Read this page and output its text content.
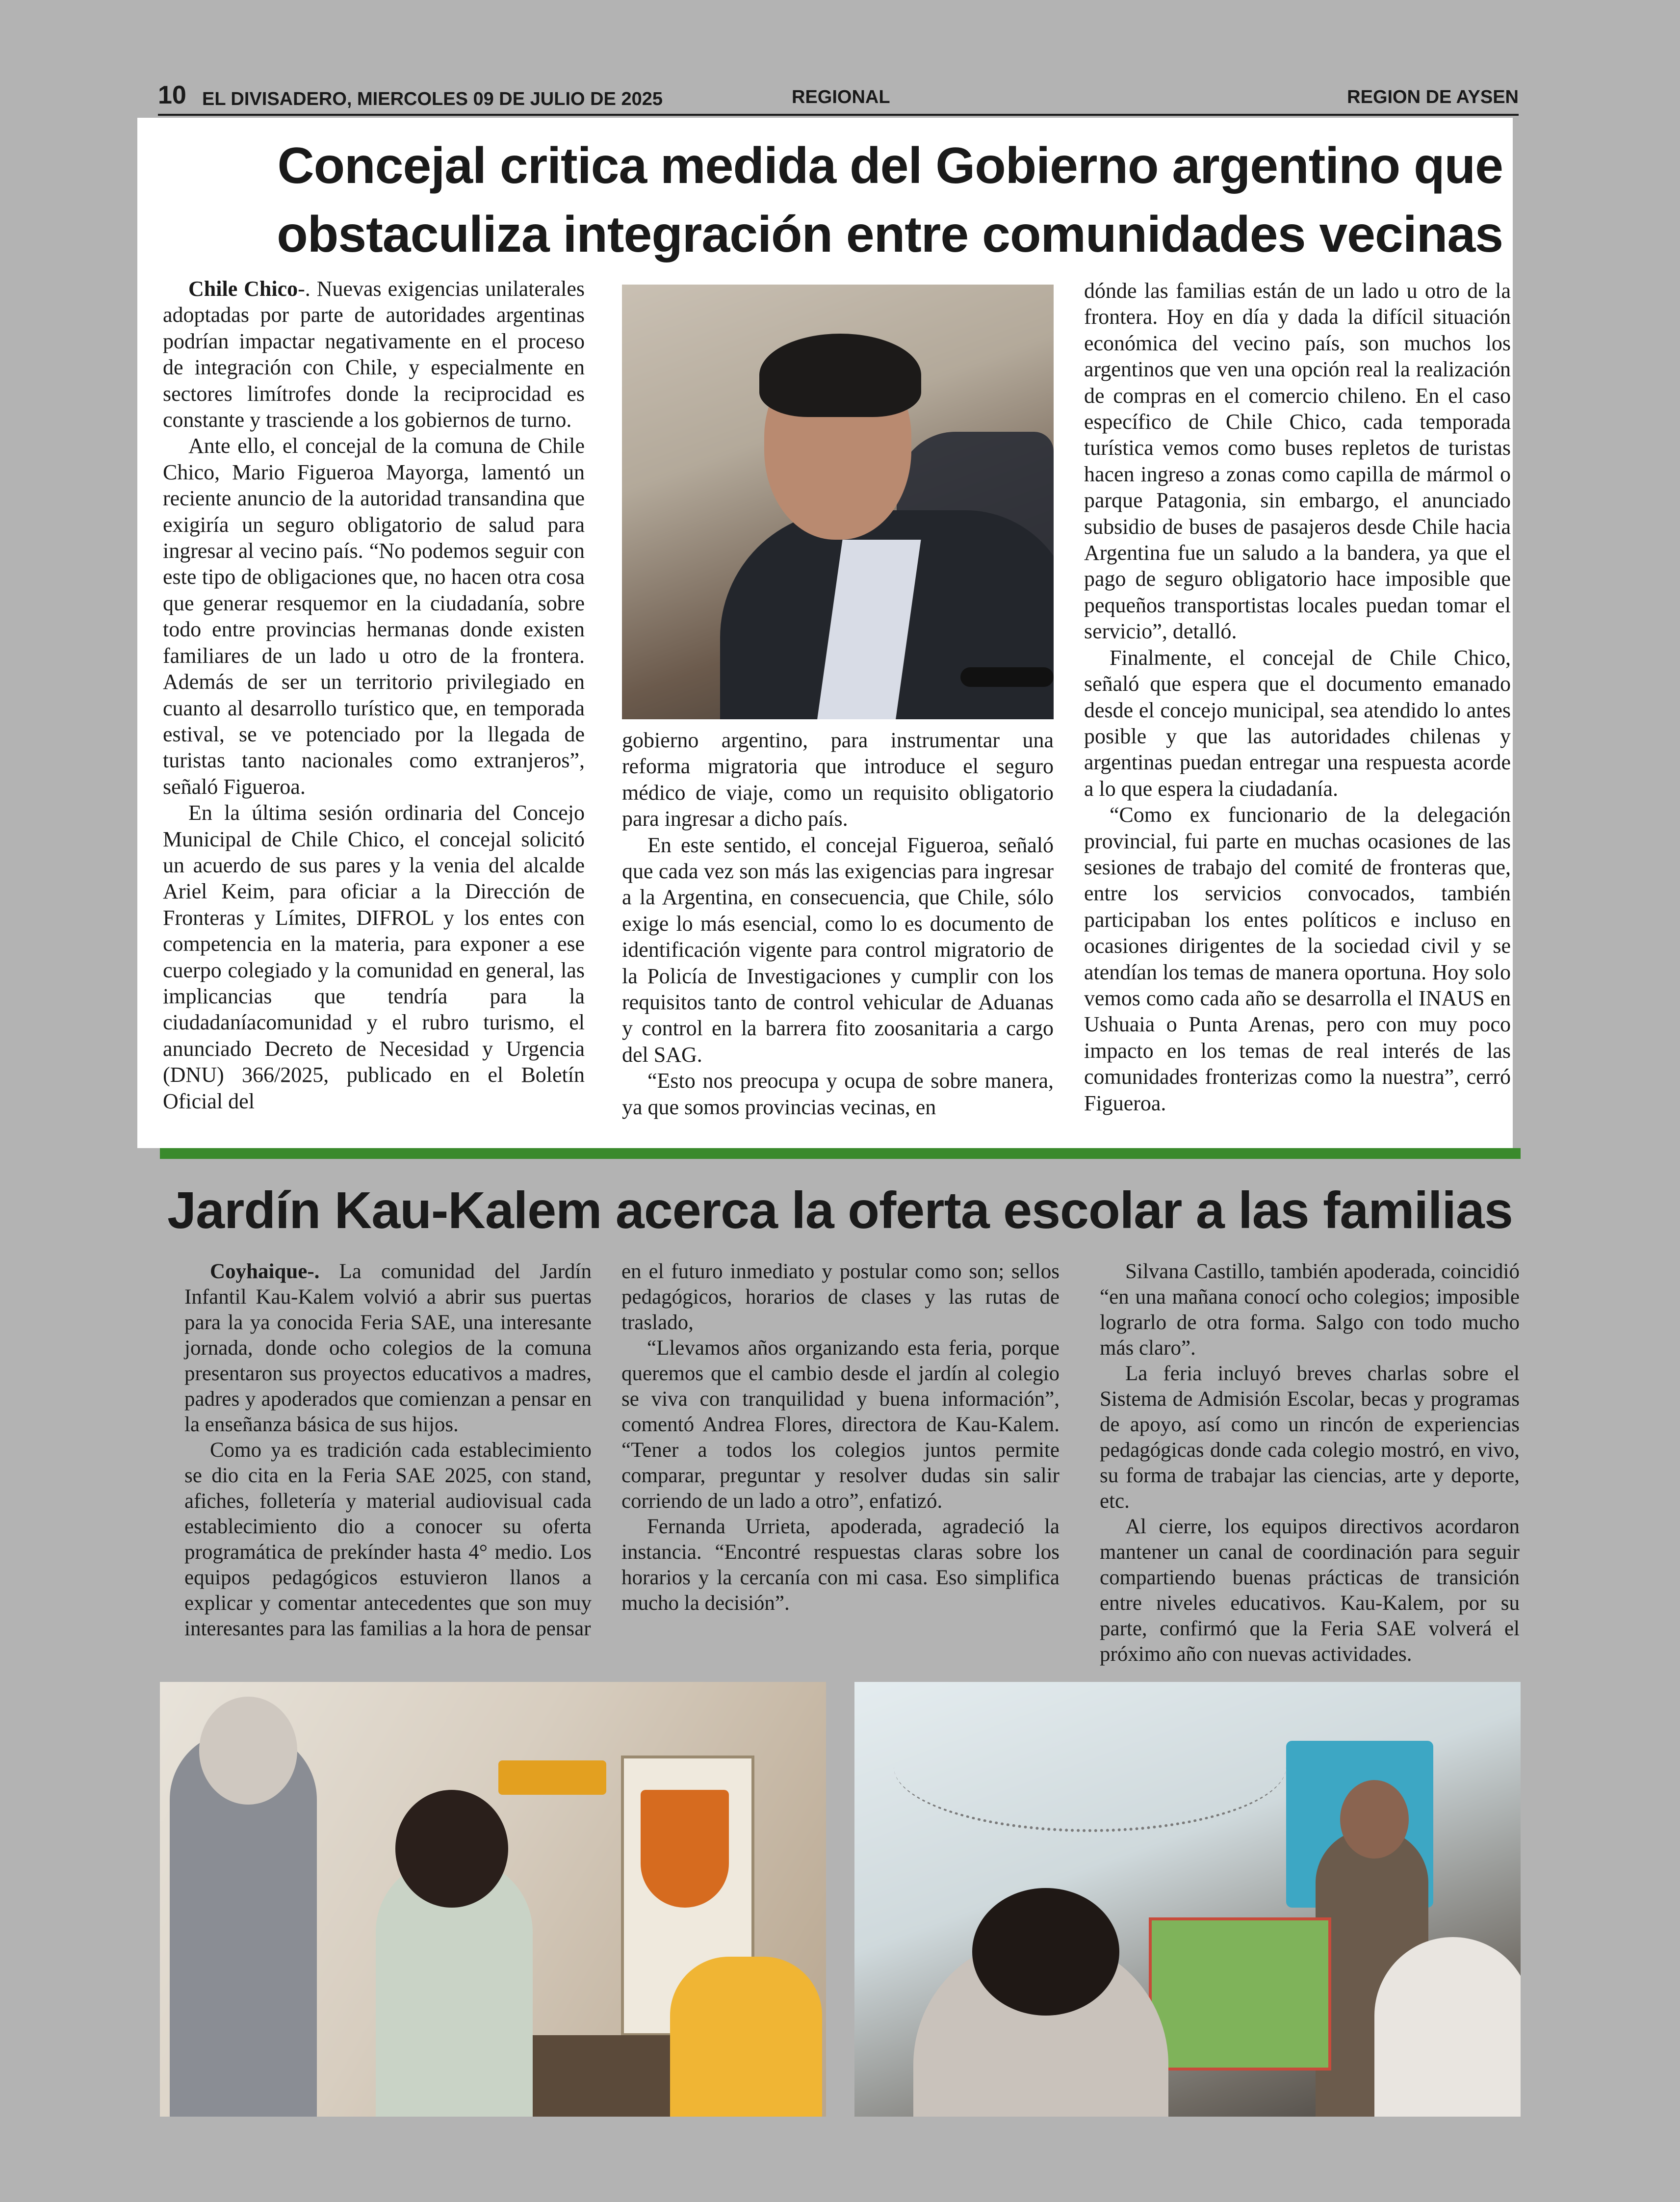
10 EL DIVISADERO, MIERCOLES 09 DE JULIO DE 2025	REGIONAL	REGION DE AYSEN
Concejal critica medida del Gobierno argentino que
obstaculiza integración entre comunidades vecinas

Chile Chico-. Nuevas exigencias unilaterales adoptadas por parte de autoridades argentinas podrían impactar negativamente en el proceso de integración con Chile, y especialmente en sectores limítrofes donde la reciprocidad es constante y trasciende a los gobiernos de turno.

Ante ello, el concejal de la comuna de Chile Chico, Mario Figueroa Mayorga, lamentó un reciente anuncio de la autoridad transandina que exigiría un seguro obligatorio de salud para ingresar al vecino país. “No podemos seguir con este tipo de obligaciones que, no hacen otra cosa que generar resquemor en la ciudadanía, sobre todo entre provincias hermanas donde existen familiares de un lado u otro de la frontera. Además de ser un territorio privilegiado en cuanto al desarrollo turístico que, en temporada estival, se ve potenciado por la llegada de turistas tanto nacionales como extranjeros”, señaló Figueroa.

En la última sesión ordinaria del Concejo Municipal de Chile Chico, el concejal solicitó un acuerdo de sus pares y la venia del alcalde Ariel Keim, para oficiar a la Dirección de Fronteras y Límites, DIFROL y los entes con competencia en la materia, para exponer a ese cuerpo colegiado y la comunidad en general, las implicancias que tendría para la ciudadaníacomunidad y el rubro turismo, el anunciado Decreto de Necesidad y Urgencia (DNU) 366/2025, publicado en el Boletín Oficial del

gobierno argentino, para instrumentar una reforma migratoria que introduce el seguro médico de viaje, como un requisito obligatorio para ingresar a dicho país.

En este sentido, el concejal Figueroa, señaló que cada vez son más las exigencias para ingresar a la Argentina, en consecuencia, que Chile, sólo exige lo más esencial, como lo es documento de identificación vigente para control migratorio de la Policía de Investigaciones y cumplir con los requisitos tanto de control vehicular de Aduanas y control en la barrera fito zoosanitaria a cargo del SAG.

“Esto nos preocupa y ocupa de sobre manera, ya que somos provincias vecinas, en

dónde las familias están de un lado u otro de la frontera. Hoy en día y dada la difícil situación económica del vecino país, son muchos los argentinos que ven una opción real la realización de compras en el comercio chileno. En el caso específico de Chile Chico, cada temporada turística vemos como buses repletos de turistas hacen ingreso a zonas como capilla de mármol o parque Patagonia, sin embargo, el anunciado subsidio de buses de pasajeros desde Chile hacia Argentina fue un saludo a la bandera, ya que el pago de seguro obligatorio hace imposible que pequeños transportistas locales puedan tomar el servicio”, detalló.

Finalmente, el concejal de Chile Chico, señaló que espera que el documento emanado desde el concejo municipal, sea atendido lo antes posible y que las autoridades chilenas y argentinas puedan entregar una respuesta acorde a lo que espera la ciudadanía.

“Como ex funcionario de la delegación provincial, fui parte en muchas ocasiones de las sesiones de trabajo del comité de fronteras que, entre los servicios convocados, también participaban los entes políticos e incluso en ocasiones dirigentes de la sociedad civil y se atendían los temas de manera oportuna. Hoy solo vemos como cada año se desarrolla el INAUS en Ushuaia o Punta Arenas, pero con muy poco impacto en los temas de real interés de las comunidades fronterizas como la nuestra”, cerró Figueroa.

Jardín Kau-Kalem acerca la oferta escolar a las familias

Coyhaique-. La comunidad del Jardín Infantil Kau-Kalem volvió a abrir sus puertas para la ya conocida Feria SAE, una interesante jornada, donde ocho colegios de la comuna presentaron sus proyectos educativos a madres, padres y apoderados que comienzan a pensar en la enseñanza básica de sus hijos.

Como ya es tradición cada establecimiento se dio cita en la Feria SAE 2025, con stand, afiches, folletería y material audiovisual cada establecimiento dio a conocer su oferta programática de prekínder hasta 4° medio. Los equipos pedagógicos estuvieron llanos a explicar y comentar antecedentes que son muy interesantes para las familias a la hora de pensar

en el futuro inmediato y postular como son; sellos pedagógicos, horarios de clases y las rutas de traslado,

“Llevamos años organizando esta feria, porque queremos que el cambio desde el jardín al colegio se viva con tranquilidad y buena información”, comentó Andrea Flores, directora de Kau-Kalem. “Tener a todos los colegios juntos permite comparar, preguntar y resolver dudas sin salir corriendo de un lado a otro”, enfatizó.

Fernanda Urrieta, apoderada, agradeció la instancia. “Encontré respuestas claras sobre los horarios y la cercanía con mi casa. Eso simplifica mucho la decisión”.

Silvana Castillo, también apoderada, coincidió “en una mañana conocí ocho colegios; imposible lograrlo de otra forma. Salgo con todo mucho más claro”.

La feria incluyó breves charlas sobre el Sistema de Admisión Escolar, becas y programas de apoyo, así como un rincón de experiencias pedagógicas donde cada colegio mostró, en vivo, su forma de trabajar las ciencias, arte y deporte, etc.

Al cierre, los equipos directivos acordaron mantener un canal de coordinación para seguir compartiendo buenas prácticas de transición entre niveles educativos. Kau-Kalem, por su parte, confirmó que la Feria SAE volverá el próximo año con nuevas actividades.
